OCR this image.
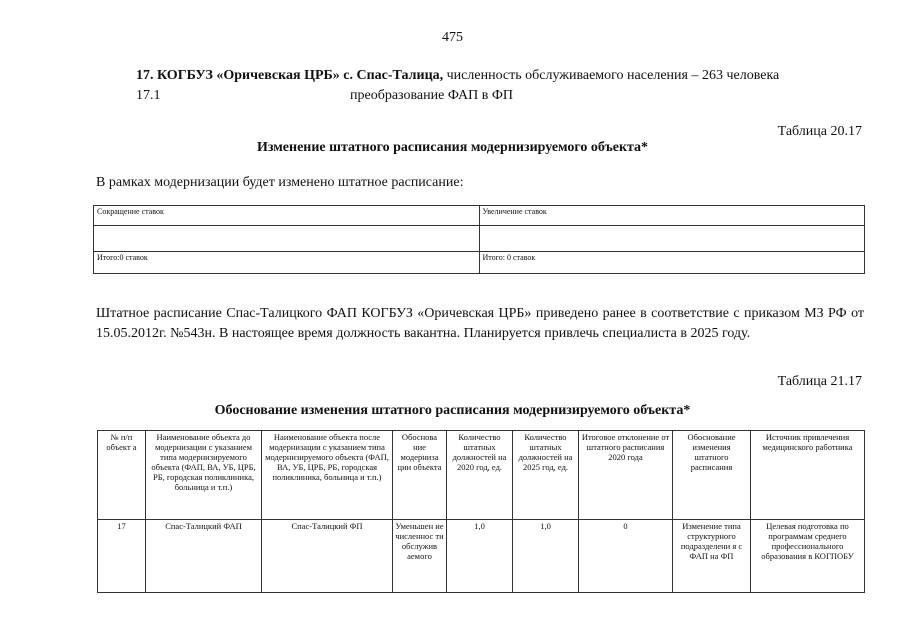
475
17. КОГБУЗ «Оричевская ЦРБ» с. Спас-Талица, численность обслуживаемого населения – 263 человека
17.1	преобразование ФАП в ФП
Таблица 20.17
Изменение штатного расписания модернизируемого объекта*
В рамках модернизации будет изменено штатное расписание:
Сокращение ставок	Увеличение ставок

Итого:0 ставок	Итого: 0 ставок
Штатное расписание Спас-Талицкого ФАП КОГБУЗ «Оричевская ЦРБ» приведено ранее в соответствие с приказом МЗ РФ от 15.05.2012г. №543н. В настоящее время должность вакантна. Планируется привлечь специалиста в 2025 году.
Таблица 21.17
Обоснование изменения штатного расписания модернизируемого объекта*
№ п/п объект а	Наименование объекта до модернизации с указанием типа модернизируемого объекта (ФАП, ВА, УБ, ЦРБ, РБ, городская поликлиника, больница и т.п.)	Наименование объекта после модернизации с указанием типа модернизируемого объекта (ФАП, ВА, УБ, ЦРБ, РБ, городская поликлиника, больница и т.п.)	Обоснова ние модерниза ции объекта	Количество штатных должностей на 2020 год, ед.	Количество штатных должностей на 2025 год, ед.	Итоговое отклонение от штатного расписания 2020 года	Обоснование изменения штатного расписания	Источник привлечения медицинского работника
17	Спас-Талицкий ФАП	Спас-Талицкий ФП	Уменьшен ие численнос ти обслужив аемого	1,0	1,0	0	Изменение типа структурного подразделени я с ФАП на ФП	Целевая подготовка по программам среднего профессионального образования в КОГПОБУ
